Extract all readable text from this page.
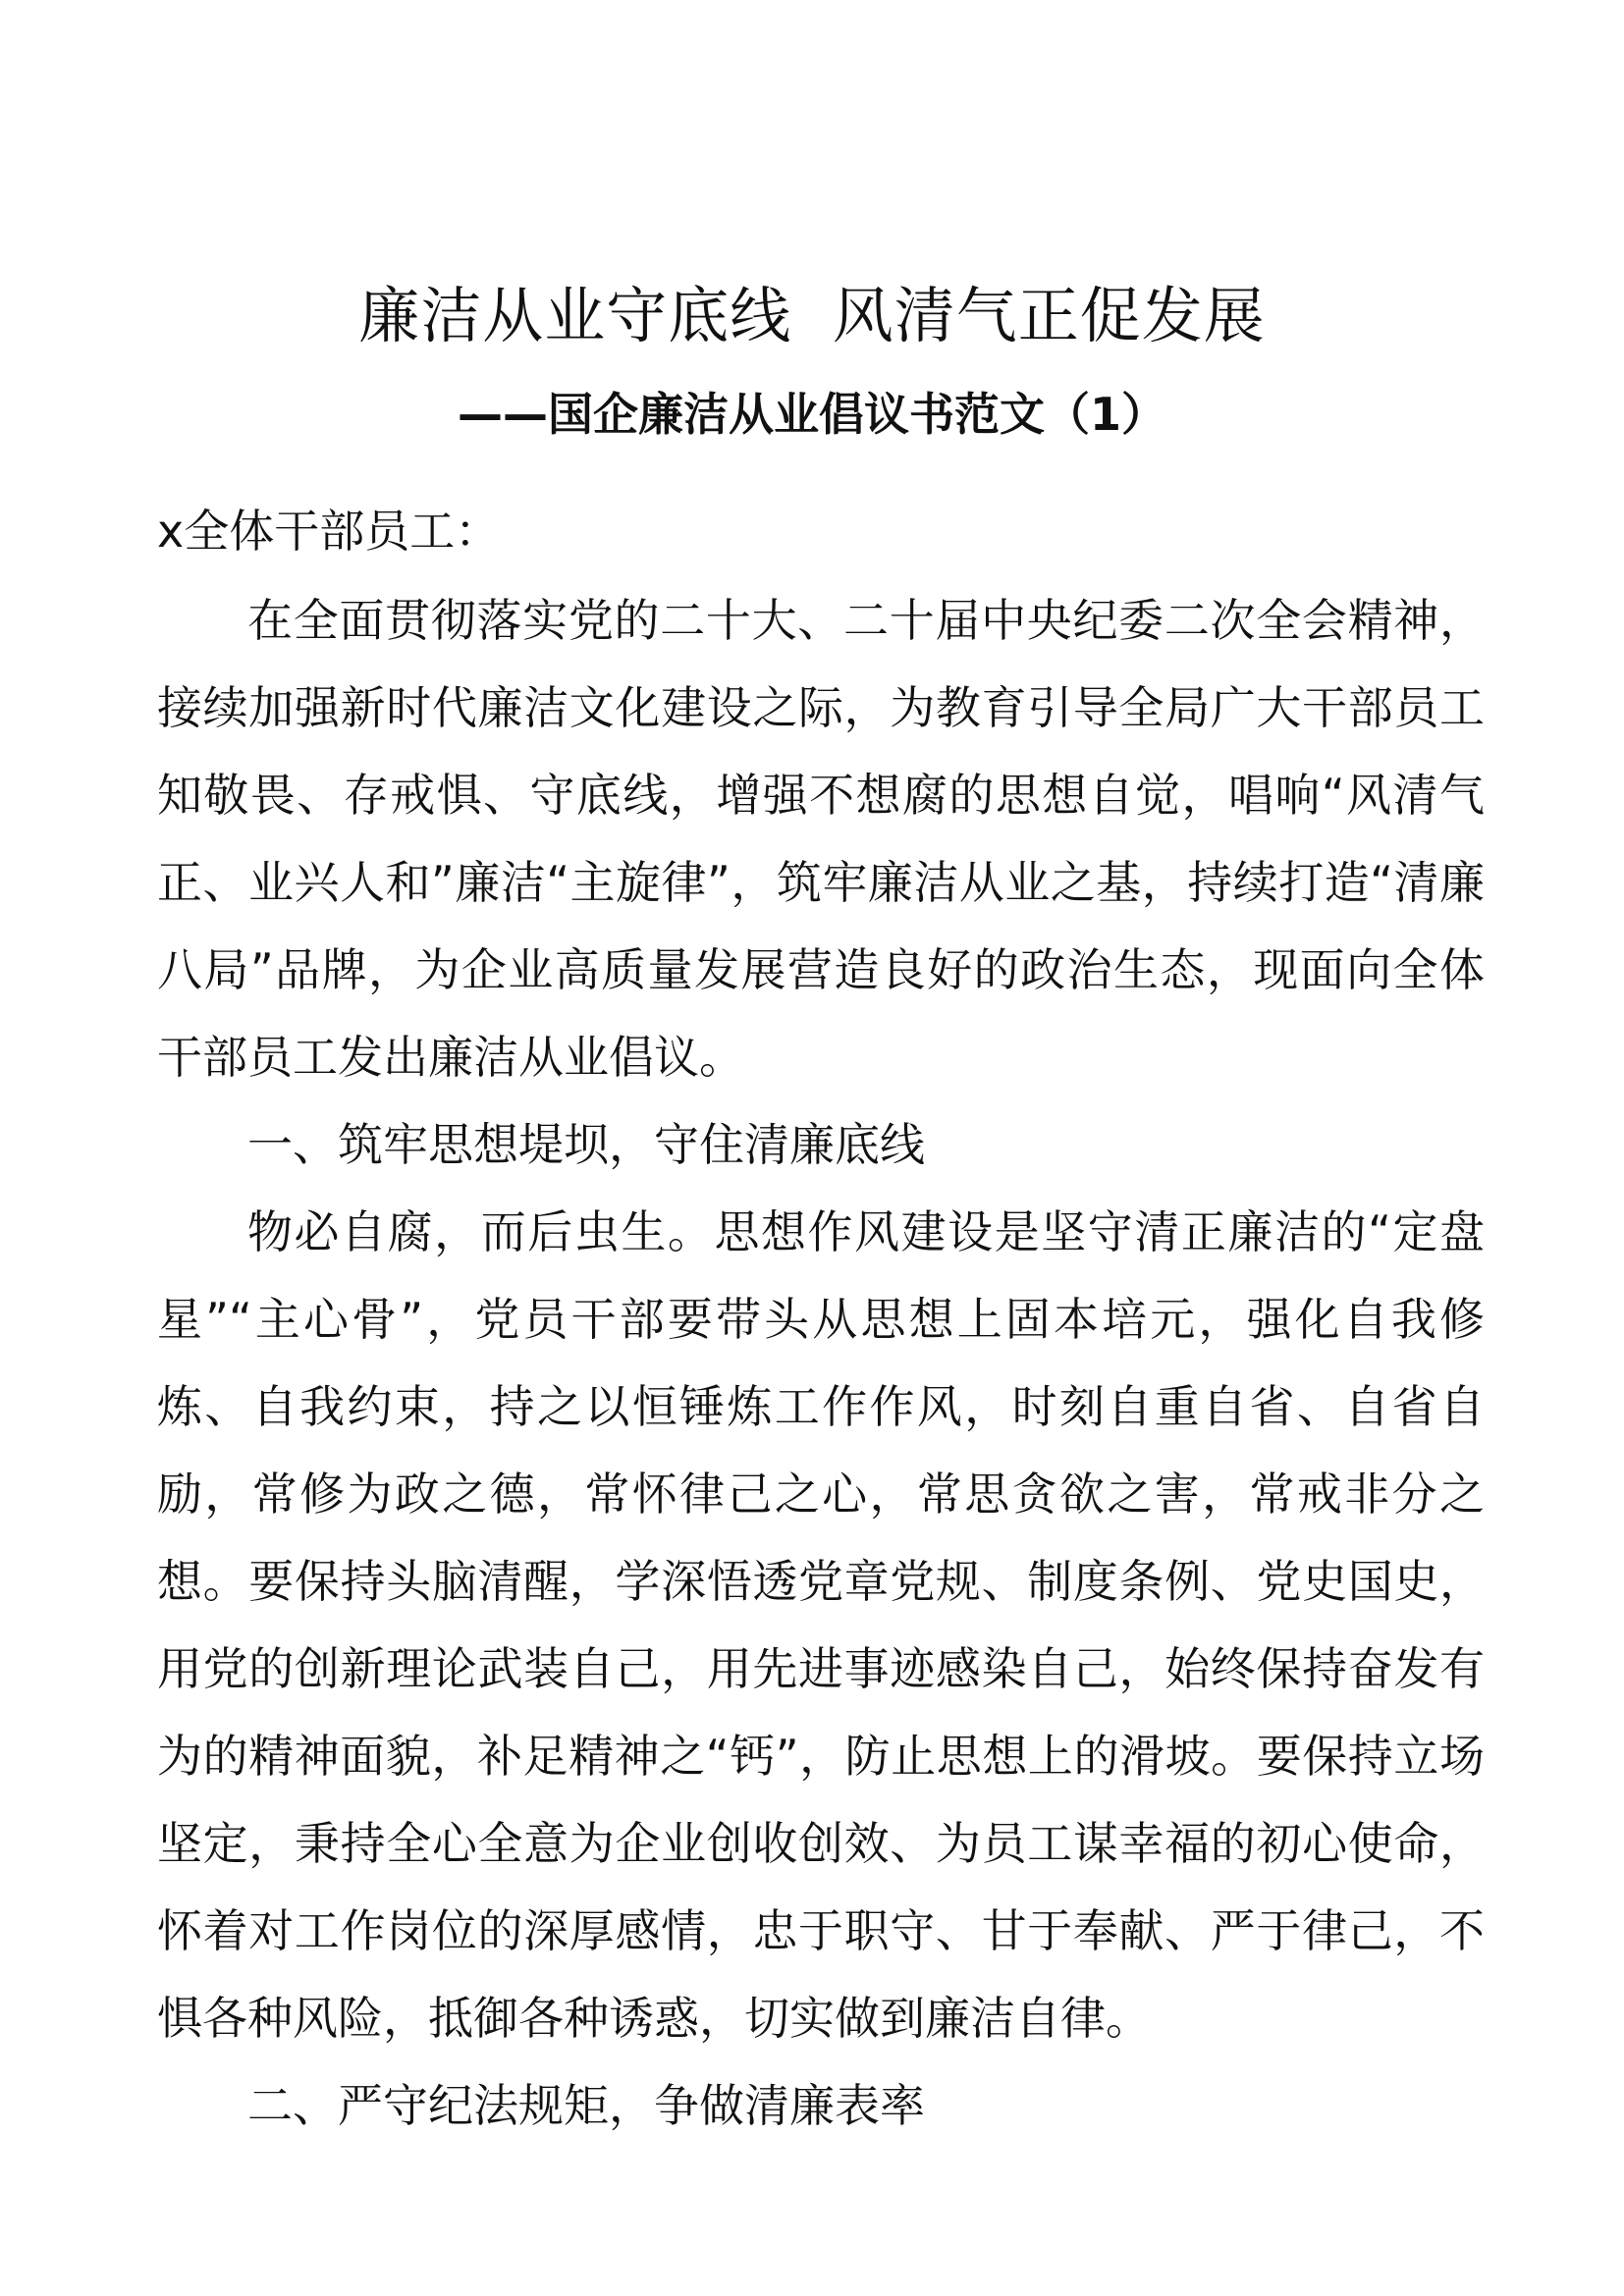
廉洁从业守底线  风清气正促发展
——国企廉洁从业倡议书范文（1）

x全体干部员工：

在全面贯彻落实党的二十大、二十届中央纪委二次全会精神，接续加强新时代廉洁文化建设之际，为教育引导全局广大干部员工知敬畏、存戒惧、守底线，增强不想腐的思想自觉，唱响“风清气正、业兴人和”廉洁“主旋律”，筑牢廉洁从业之基，持续打造“清廉八局”品牌，为企业高质量发展营造良好的政治生态，现面向全体干部员工发出廉洁从业倡议。

一、筑牢思想堤坝，守住清廉底线

物必自腐，而后虫生。思想作风建设是坚守清正廉洁的“定盘星”“主心骨”，党员干部要带头从思想上固本培元，强化自我修炼、自我约束，持之以恒锤炼工作作风，时刻自重自省、自省自励，常修为政之德，常怀律己之心，常思贪欲之害，常戒非分之想。要保持头脑清醒，学深悟透党章党规、制度条例、党史国史，用党的创新理论武装自己，用先进事迹感染自己，始终保持奋发有为的精神面貌，补足精神之“钙”，防止思想上的滑坡。要保持立场坚定，秉持全心全意为企业创收创效、为员工谋幸福的初心使命，怀着对工作岗位的深厚感情，忠于职守、甘于奉献、严于律己，不惧各种风险，抵御各种诱惑，切实做到廉洁自律。

二、严守纪法规矩，争做清廉表率
